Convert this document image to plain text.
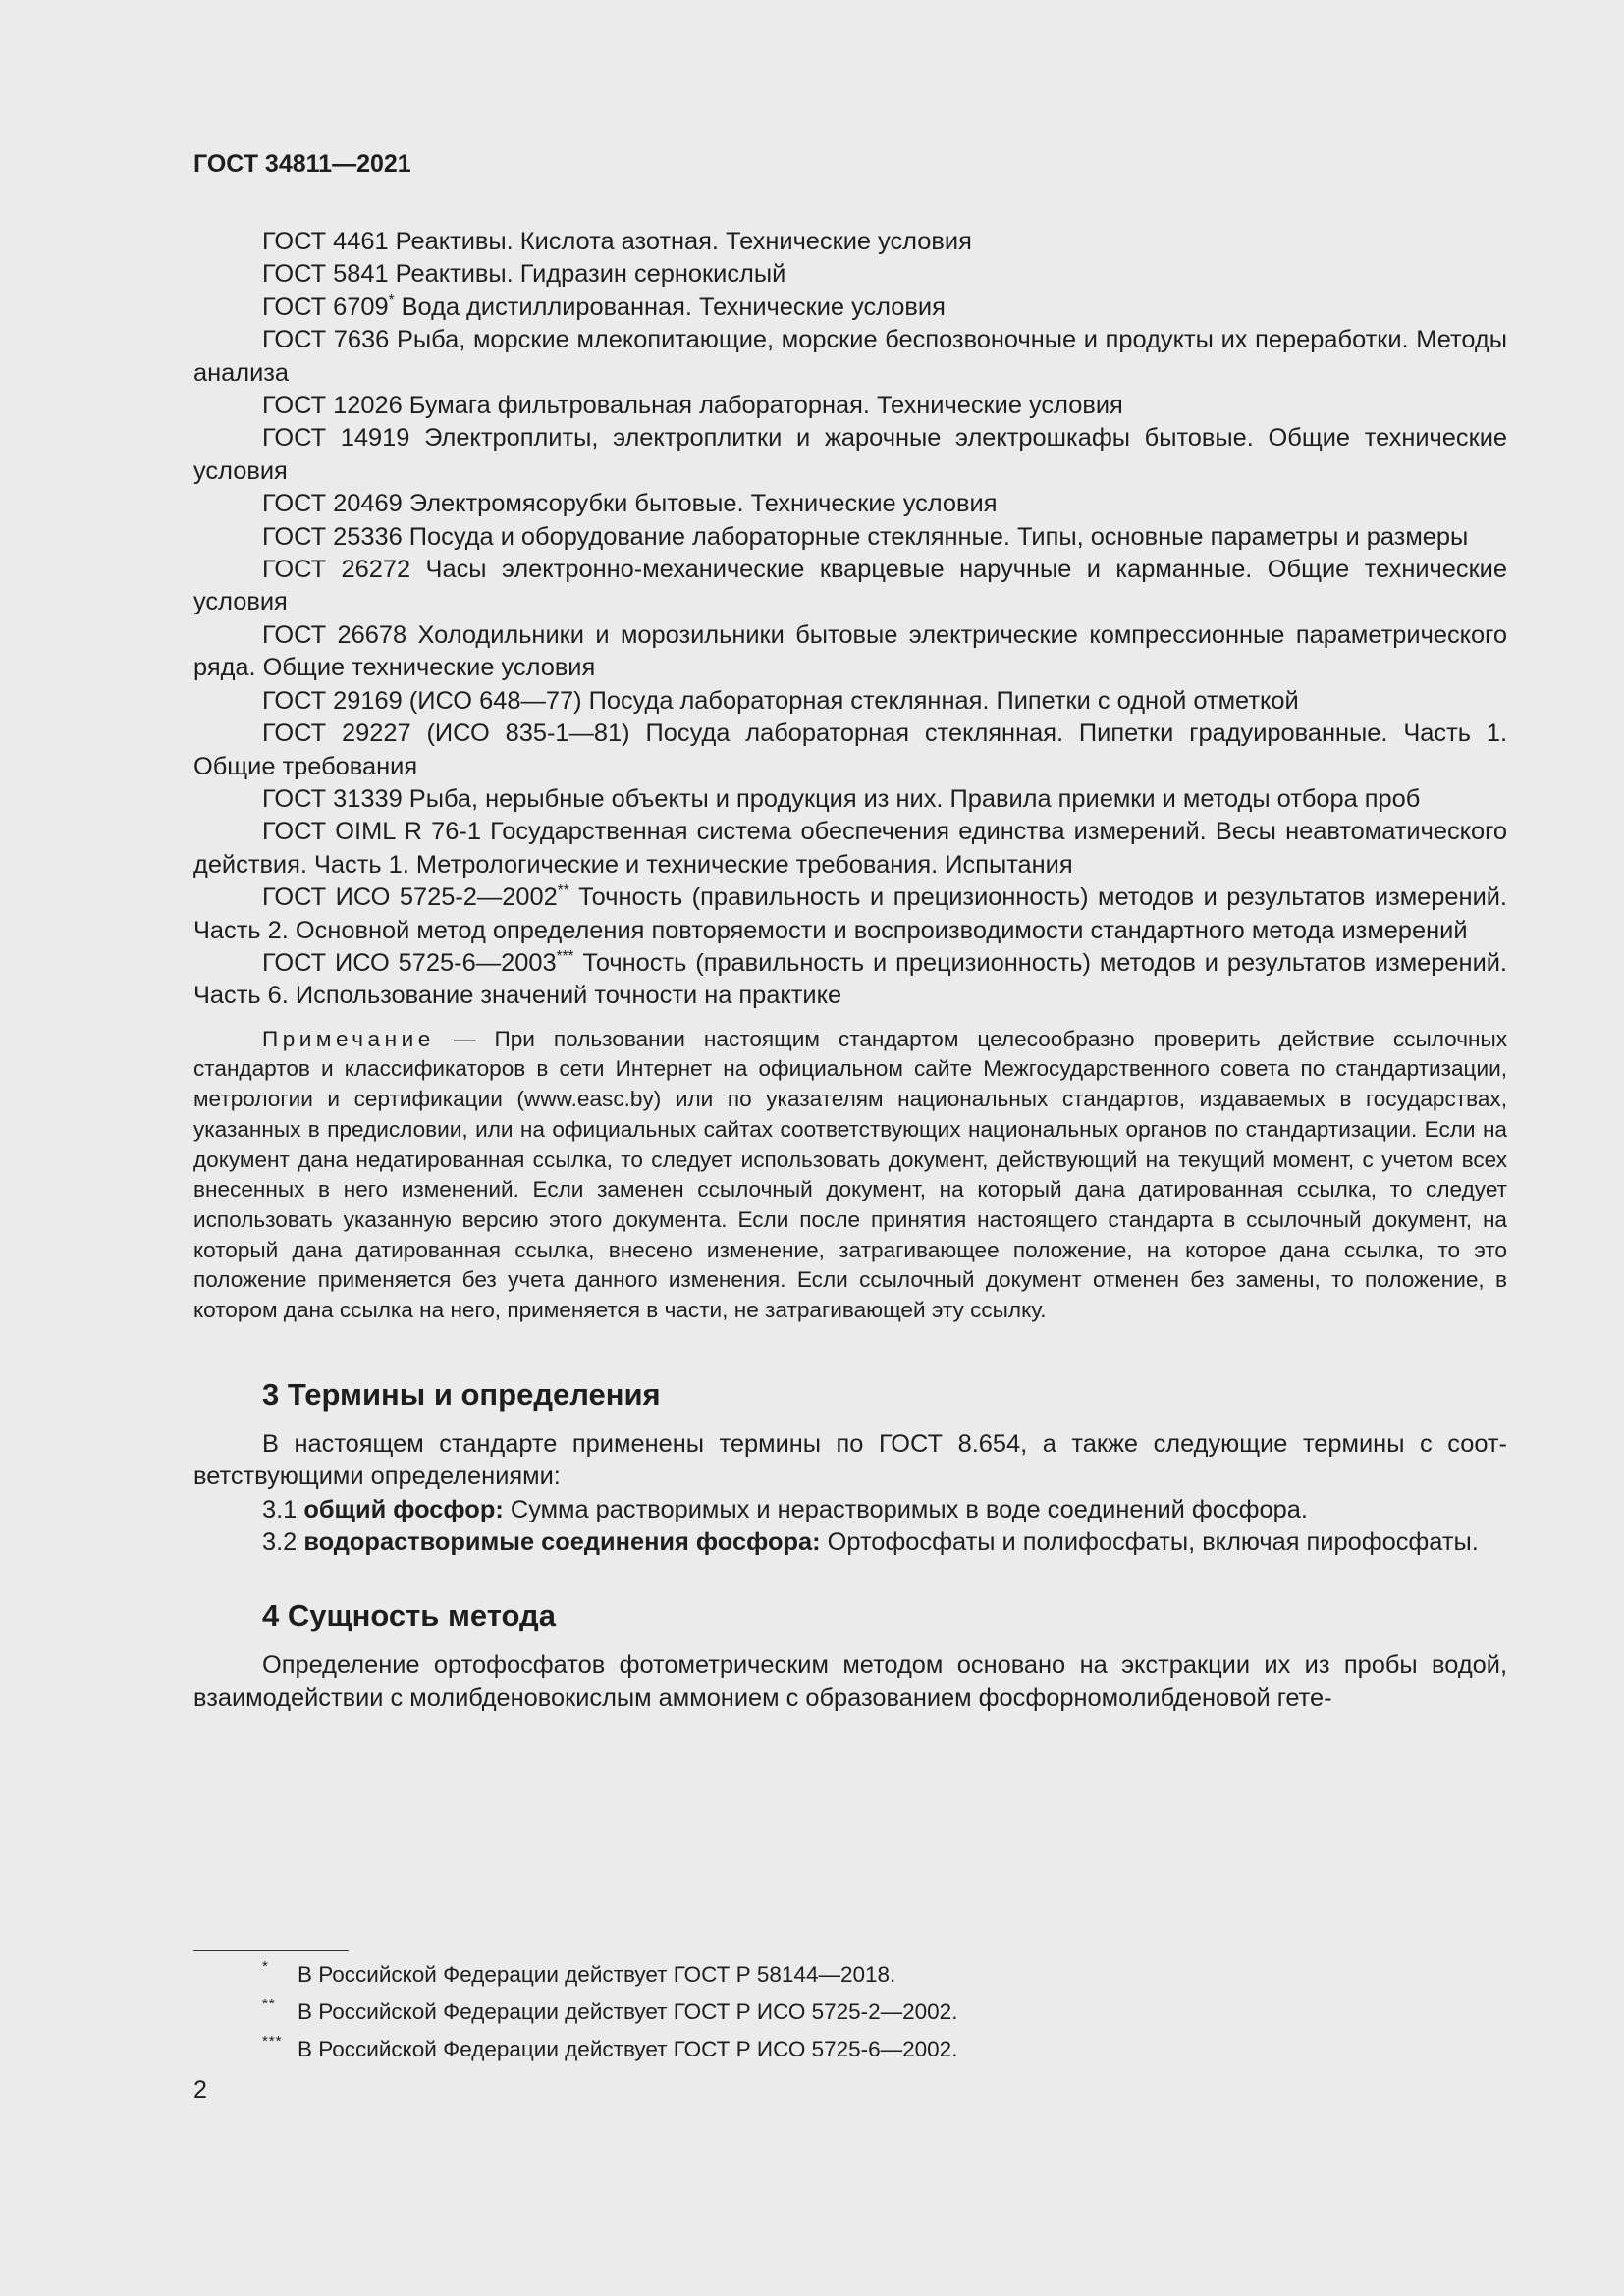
ГОСТ 34811—2021

ГОСТ 4461 Реактивы. Кислота азотная. Технические условия

ГОСТ 5841 Реактивы. Гидразин сернокислый

ГОСТ 6709* Вода дистиллированная. Технические условия

ГОСТ 7636 Рыба, морские млекопитающие, морские беспозвоночные и продукты их переработки. Методы анализа

ГОСТ 12026 Бумага фильтровальная лабораторная. Технические условия

ГОСТ 14919 Электроплиты, электроплитки и жарочные электрошкафы бытовые. Общие технические условия

ГОСТ 20469 Электромясорубки бытовые. Технические условия

ГОСТ 25336 Посуда и оборудование лабораторные стеклянные. Типы, основные параметры и размеры

ГОСТ 26272 Часы электронно-механические кварцевые наручные и карманные. Общие технические условия

ГОСТ 26678 Холодильники и морозильники бытовые электрические компрессионные параметрического ряда. Общие технические условия

ГОСТ 29169 (ИСО 648—77) Посуда лабораторная стеклянная. Пипетки с одной отметкой

ГОСТ 29227 (ИСО 835-1—81) Посуда лабораторная стеклянная. Пипетки градуированные. Часть 1. Общие требования

ГОСТ 31339 Рыба, нерыбные объекты и продукция из них. Правила приемки и методы отбора проб

ГОСТ OIML R 76-1 Государственная система обеспечения единства измерений. Весы неавтоматического действия. Часть 1. Метрологические и технические требования. Испытания

ГОСТ ИСО 5725-2—2002** Точность (правильность и прецизионность) методов и результатов измерений. Часть 2. Основной метод определения повторяемости и воспроизводимости стандартного метода измерений

ГОСТ ИСО 5725-6—2003*** Точность (правильность и прецизионность) методов и результатов измерений. Часть 6. Использование значений точности на практике

Примечание — При пользовании настоящим стандартом целесообразно проверить действие ссылочных стандартов и классификаторов в сети Интернет на официальном сайте Межгосударственного совета по стандартизации, метрологии и сертификации (www.easc.by) или по указателям национальных стандартов, издаваемых в государствах, указанных в предисловии, или на официальных сайтах соответствующих национальных органов по стандартизации. Если на документ дана недатированная ссылка, то следует использовать документ, действующий на текущий момент, с учетом всех внесенных в него изменений. Если заменен ссылочный документ, на который дана датированная ссылка, то следует использовать указанную версию этого документа. Если после принятия настоящего стандарта в ссылочный документ, на который дана датированная ссылка, внесено изменение, затрагивающее положение, на которое дана ссылка, то это положение применяется без учета данного изменения. Если ссылочный документ отменен без замены, то положение, в котором дана ссылка на него, применяется в части, не затрагивающей эту ссылку.

3 Термины и определения

В настоящем стандарте применены термины по ГОСТ 8.654, а также следующие термины с соответствующими определениями:

3.1 общий фосфор: Сумма растворимых и нерастворимых в воде соединений фосфора.

3.2 водорастворимые соединения фосфора: Ортофосфаты и полифосфаты, включая пирофосфаты.

4 Сущность метода

Определение ортофосфатов фотометрическим методом основано на экстракции их из пробы водой, взаимодействии с молибденовокислым аммонием с образованием фосфорномолибденовой гете-

* В Российской Федерации действует ГОСТ Р 58144—2018.
** В Российской Федерации действует ГОСТ Р ИСО 5725-2—2002.
*** В Российской Федерации действует ГОСТ Р ИСО 5725-6—2002.
2
